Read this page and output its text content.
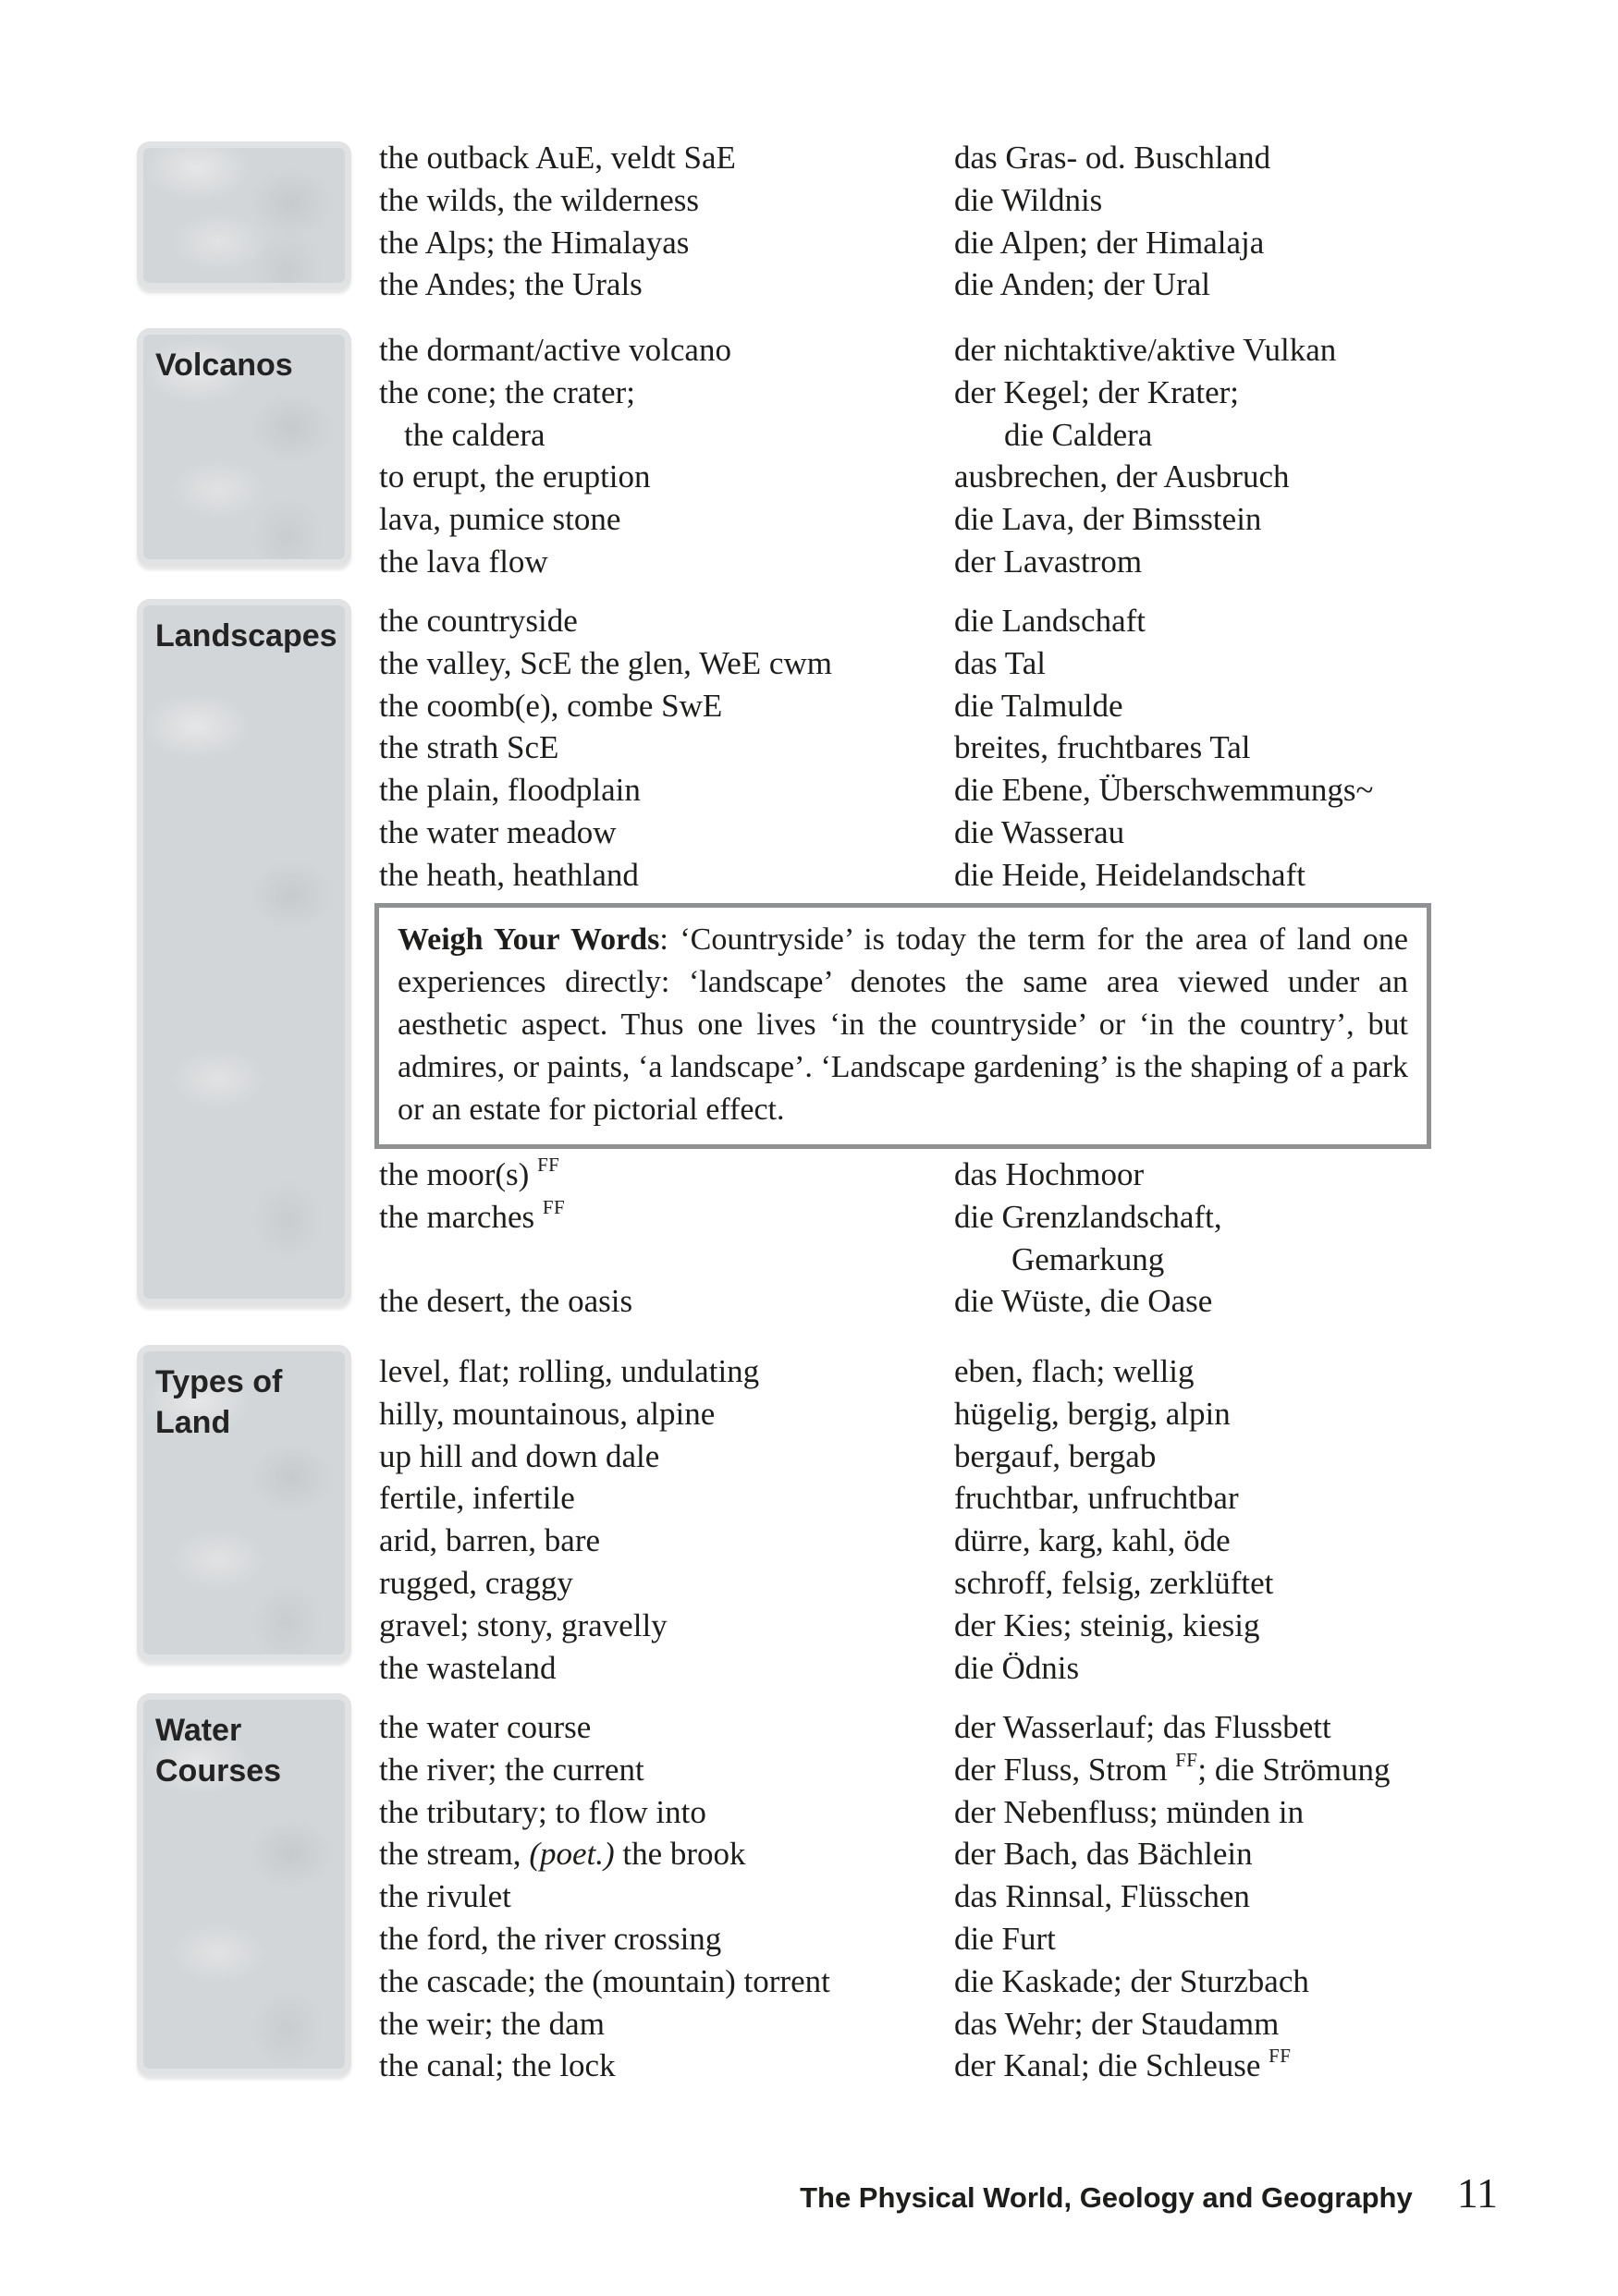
the outback AuE, veldt SaE	das Gras- od. Buschland
the wilds, the wilderness	die Wildnis
the Alps; the Himalayas	die Alpen; der Himalaja
the Andes; the Urals	die Anden; der Ural
Volcanos	the dormant/active volcano	der nichtaktive/aktive Vulkan
the cone; the crater;	der Kegel; der Krater;
the caldera	die Caldera
to erupt, the eruption	ausbrechen, der Ausbruch
lava, pumice stone	die Lava, der Bimsstein
the lava flow	der Lavastrom
Landscapes	the countryside	die Landschaft
the valley, ScE the glen, WeE cwm	das Tal
the coomb(e), combe SwE	die Talmulde
the strath ScE	breites, fruchtbares Tal
the plain, floodplain	die Ebene, Überschwemmungs~
the water meadow	die Wasserau
the heath, heathland	die Heide, Heidelandschaft
Weigh Your Words: ‘Countryside’ is today the term for the area of land one experiences directly: ‘landscape’ denotes the same area viewed under an aesthetic aspect. Thus one lives ‘in the countryside’ or ‘in the country’, but admires, or paints, ‘a landscape’. ‘Landscape gardening’ is the shaping of a park or an estate for pictorial effect.
the moor(s) $^{FF}$	das Hochmoor
the marches $^{FF}$	die Grenzlandschaft,
Gemarkung
the desert, the oasis	die Wüste, die Oase
Types of Land
level, flat; rolling, undulating	eben, flach; wellig
hilly, mountainous, alpine	hügelig, bergig, alpin
up hill and down dale	bergauf, bergab
fertile, infertile	fruchtbar, unfruchtbar
arid, barren, bare	dürre, karg, kahl, öde
rugged, craggy	schroff, felsig, zerklüftet
gravel; stony, gravelly	der Kies; steinig, kiesig
the wasteland	die Ödnis
Water Courses
the water course	der Wasserlauf; das Flussbett
the river; the current	der Fluss, Strom $^{FF}$; die Strömung
the tributary; to flow into	der Nebenfluss; münden in
the stream, (poet.) the brook	der Bach, das Bächlein
the rivulet	das Rinnsal, Flüsschen
the ford, the river crossing	die Furt
the cascade; the (mountain) torrent	die Kaskade; der Sturzbach
the weir; the dam	das Wehr; der Staudamm
the canal; the lock	der Kanal; die Schleuse $^{FF}$
The Physical World, Geology and Geography 11
